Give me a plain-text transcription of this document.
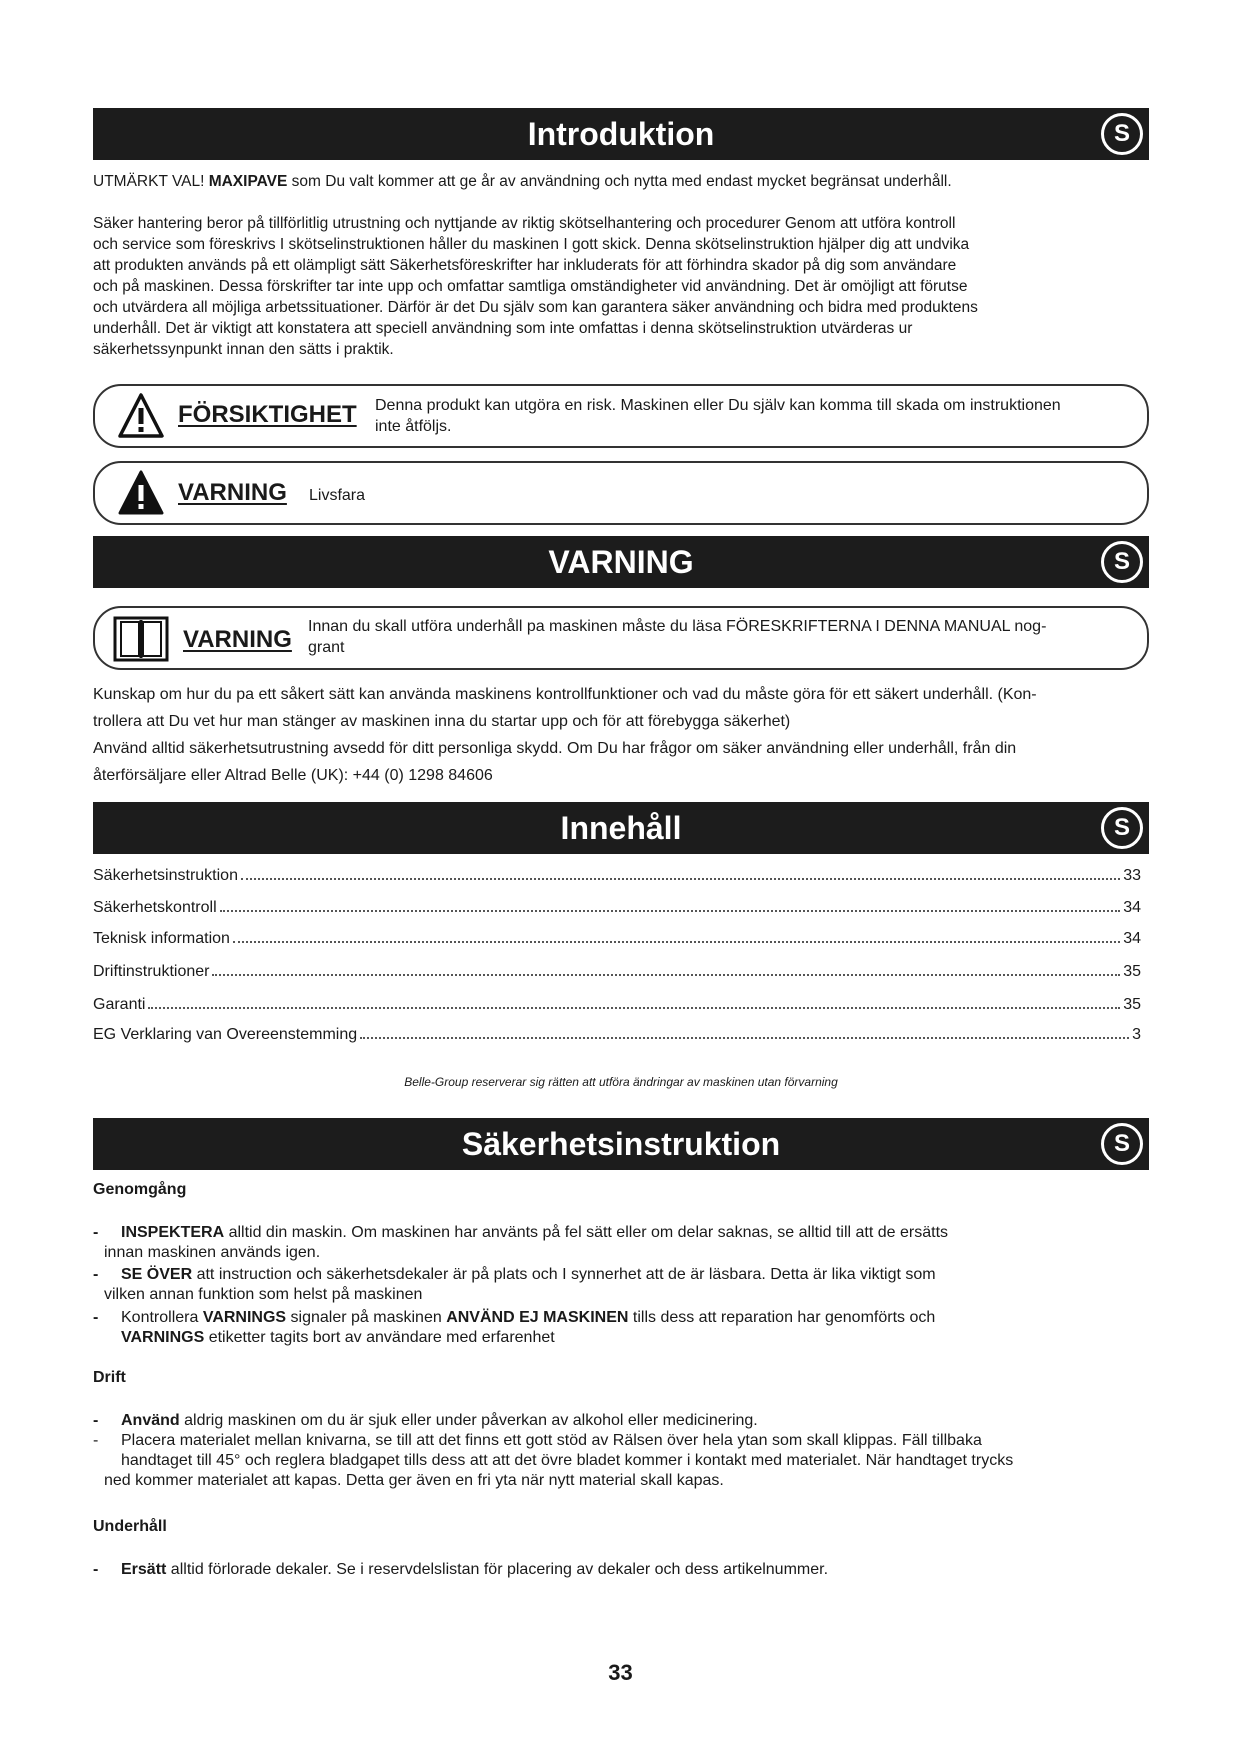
Introduktion	S
UTMÄRKT VAL! MAXIPAVE som Du valt kommer att ge år av användning och nytta med endast mycket begränsat underhåll.
Säker hantering beror på tillförlitlig utrustning och nyttjande av riktig skötselhantering och procedurer Genom att utföra kontroll
och service som föreskrivs I skötselinstruktionen håller du maskinen I gott skick. Denna skötselinstruktion hjälper dig att undvika
att produkten används på ett olämpligt sätt Säkerhetsföreskrifter har inkluderats för att förhindra skador på dig som användare
och på maskinen. Dessa förskrifter tar inte upp och omfattar samtliga omständigheter vid användning. Det är omöjligt att förutse
och utvärdera all möjliga arbetssituationer. Därför är det Du själv som kan garantera säker användning och bidra med produktens
underhåll. Det är viktigt att konstatera att speciell användning som inte omfattas i denna skötselinstruktion utvärderas ur
säkerhetssynpunkt innan den sätts i praktik.
FÖRSIKTIGHET Denna produkt kan utgöra en risk. Maskinen eller Du själv kan komma till skada om instruktionen
inte åtföljs.
VARNING Livsfara
VARNING	S
VARNING Innan du skall utföra underhåll pa maskinen måste du läsa FÖRESKRIFTERNA I DENNA MANUAL nog-
grant
Kunskap om hur du pa ett såkert sätt kan använda maskinens kontrollfunktioner och vad du måste göra för ett säkert underhåll. (Kon-
trollera att Du vet hur man stänger av maskinen inna du startar upp och för att förebygga säkerhet)
Använd alltid säkerhetsutrustning avsedd för ditt personliga skydd. Om Du har frågor om säker användning eller underhåll, från din
återförsäljare eller Altrad Belle (UK): +44 (0) 1298 84606
Innehåll	S
Säkerhetsinstruktion	33
Säkerhetskontroll	34
Teknisk information	34
Driftinstruktioner	35
Garanti	35
EG Verklaring van Overeenstemming	3
Belle-Group reserverar sig rätten att utföra ändringar av maskinen utan förvarning
Säkerhetsinstruktion	S
Genomgång
- INSPEKTERA alltid din maskin. Om maskinen har använts på fel sätt eller om delar saknas, se alltid till att de ersätts
innan maskinen används igen.
- SE ÖVER att instruction och säkerhetsdekaler är på plats och I synnerhet att de är läsbara. Detta är lika viktigt som
vilken annan funktion som helst på maskinen
- Kontrollera VARNINGS signaler på maskinen ANVÄND EJ MASKINEN tills dess att reparation har genomförts och
VARNINGS etiketter tagits bort av användare med erfarenhet
Drift
- Använd aldrig maskinen om du är sjuk eller under påverkan av alkohol eller medicinering.
- Placera materialet mellan knivarna, se till att det finns ett gott stöd av Rälsen över hela ytan som skall klippas. Fäll tillbaka
handtaget till 45° och reglera bladgapet tills dess att att det övre bladet kommer i kontakt med materialet. När handtaget trycks
ned kommer materialet att kapas. Detta ger även en fri yta när nytt material skall kapas.
Underhåll
- Ersätt alltid förlorade dekaler. Se i reservdelslistan för placering av dekaler och dess artikelnummer.
33
